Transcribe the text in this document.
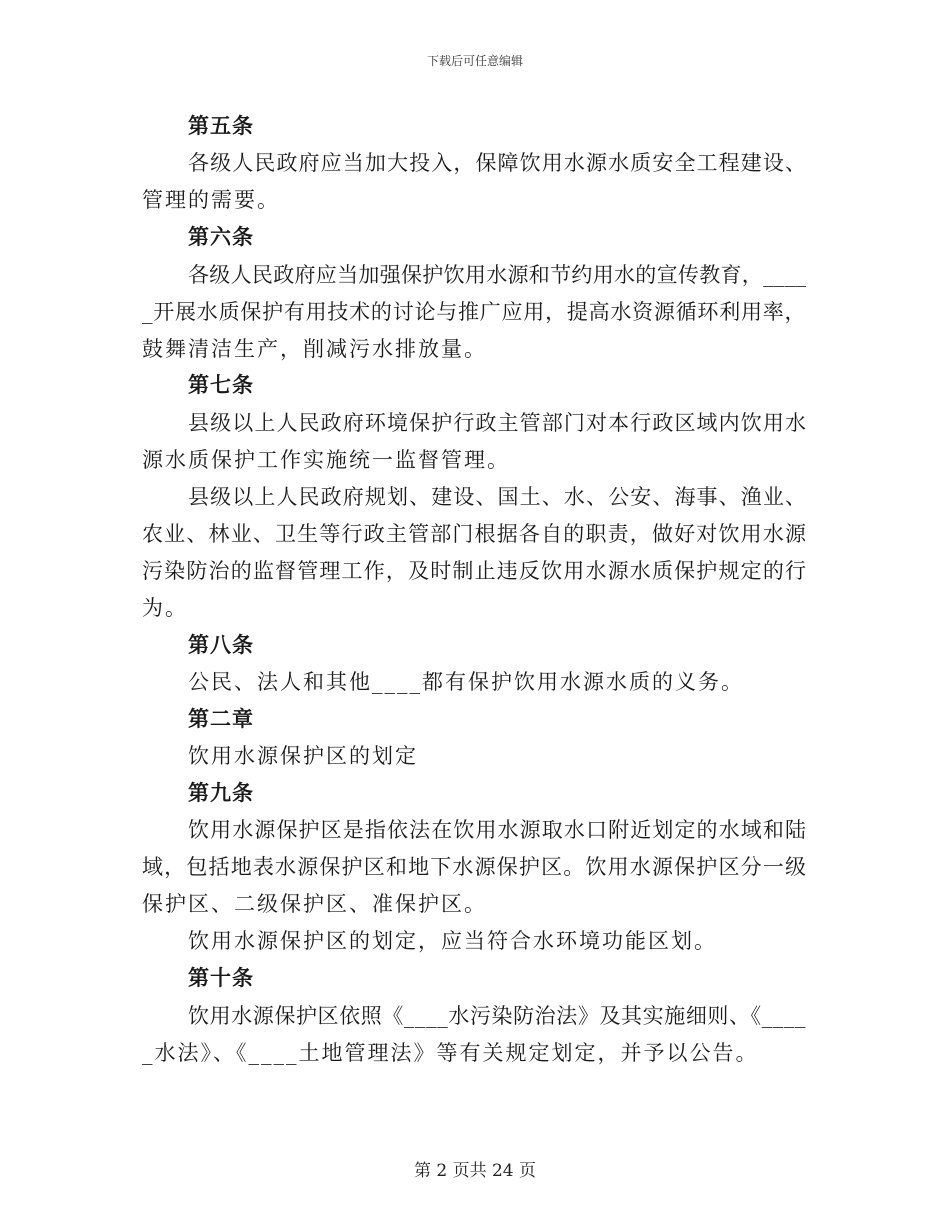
下载后可任意编辑
第五条
各级人民政府应当加大投入，保障饮用水源水质安全工程建设、
管理的需要。
第六条
各级人民政府应当加强保护饮用水源和节约用水的宣传教育，____
_开展水质保护有用技术的讨论与推广应用，提高水资源循环利用率，
鼓舞清洁生产，削减污水排放量。
第七条
县级以上人民政府环境保护行政主管部门对本行政区域内饮用水
源水质保护工作实施统一监督管理。
县级以上人民政府规划、建设、国土、水、公安、海事、渔业、
农业、林业、卫生等行政主管部门根据各自的职责，做好对饮用水源
污染防治的监督管理工作，及时制止违反饮用水源水质保护规定的行
为。
第八条
公民、法人和其他____都有保护饮用水源水质的义务。
第二章
饮用水源保护区的划定
第九条
饮用水源保护区是指依法在饮用水源取水口附近划定的水域和陆
域，包括地表水源保护区和地下水源保护区。饮用水源保护区分一级
保护区、二级保护区、准保护区。
饮用水源保护区的划定，应当符合水环境功能区划。
第十条
饮用水源保护区依照《____水污染防治法》及其实施细则、《____
_水法》、《____土地管理法》等有关规定划定，并予以公告。
第 2 页共 24 页
